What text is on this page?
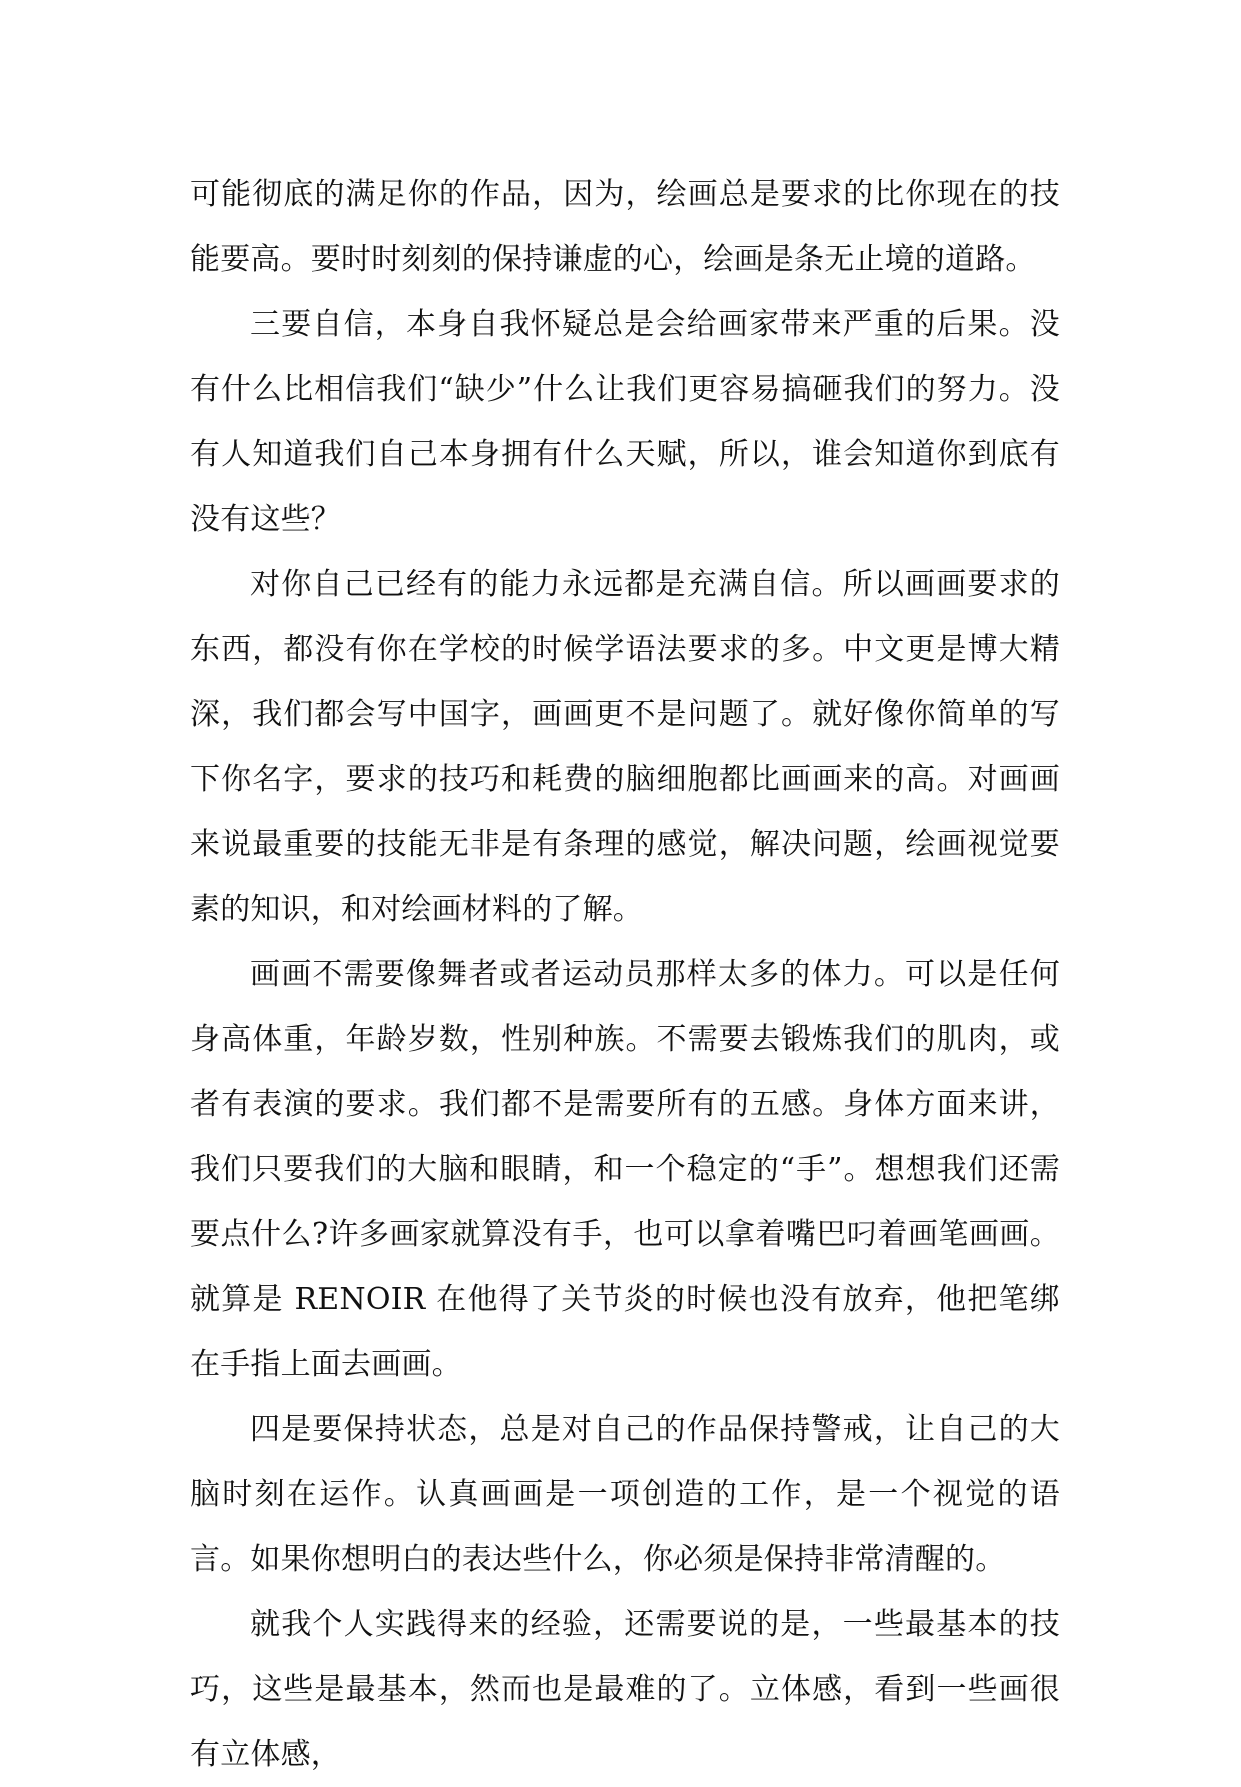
可能彻底的满足你的作品，因为，绘画总是要求的比你现在的技能要高。要时时刻刻的保持谦虚的心，绘画是条无止境的道路。

三要自信，本身自我怀疑总是会给画家带来严重的后果。没有什么比相信我们“缺少”什么让我们更容易搞砸我们的努力。没有人知道我们自己本身拥有什么天赋，所以，谁会知道你到底有没有这些？

对你自己已经有的能力永远都是充满自信。所以画画要求的东西，都没有你在学校的时候学语法要求的多。中文更是博大精深，我们都会写中国字，画画更不是问题了。就好像你简单的写下你名字，要求的技巧和耗费的脑细胞都比画画来的高。对画画来说最重要的技能无非是有条理的感觉，解决问题，绘画视觉要素的知识，和对绘画材料的了解。

画画不需要像舞者或者运动员那样太多的体力。可以是任何身高体重，年龄岁数，性别种族。不需要去锻炼我们的肌肉，或者有表演的要求。我们都不是需要所有的五感。身体方面来讲，我们只要我们的大脑和眼睛，和一个稳定的“手”。想想我们还需要点什么?许多画家就算没有手，也可以拿着嘴巴叼着画笔画画。就算是 RENOIR 在他得了关节炎的时候也没有放弃，他把笔绑在手指上面去画画。

四是要保持状态，总是对自己的作品保持警戒，让自己的大脑时刻在运作。认真画画是一项创造的工作，是一个视觉的语言。如果你想明白的表达些什么，你必须是保持非常清醒的。

就我个人实践得来的经验，还需要说的是，一些最基本的技巧，这些是最基本，然而也是最难的了。立体感，看到一些画很有立体感，
